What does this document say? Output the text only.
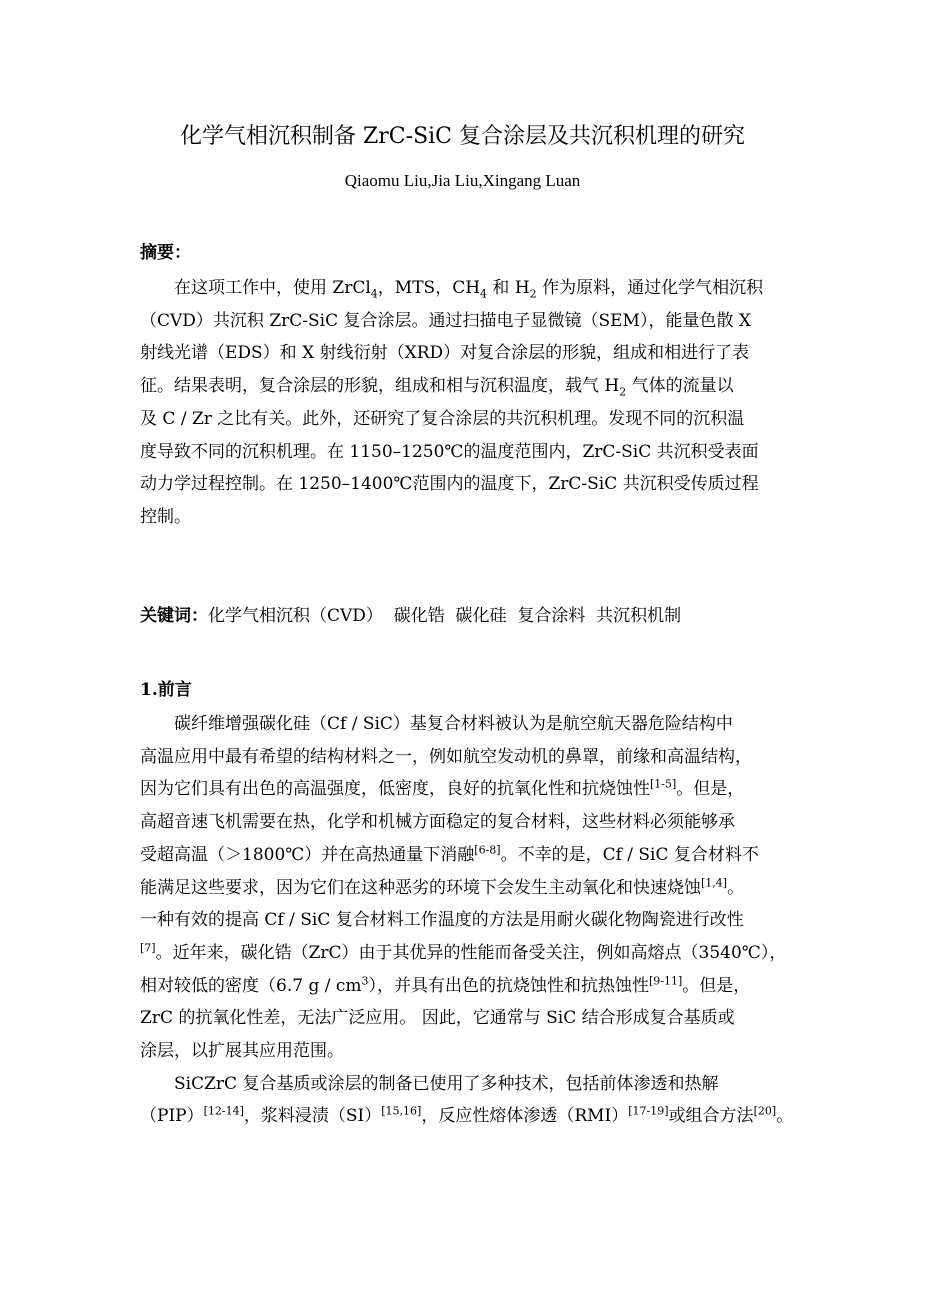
化学气相沉积制备 ZrC-SiC 复合涂层及共沉积机理的研究
Qiaomu Liu,Jia Liu,Xingang Luan
摘要：
在这项工作中，使用 ZrCl$_4$，MTS，$CH_4$ 和 $H_2$ 作为原料，通过化学气相沉积
（CVD）共沉积 ZrC-SiC 复合涂层。通过扫描电子显微镜（SEM），能量色散 X
射线光谱（EDS）和 X 射线衍射（XRD）对复合涂层的形貌，组成和相进行了表
征。结果表明，复合涂层的形貌，组成和相与沉积温度，载气 $H_2$ 气体的流量以
及 C / Zr 之比有关。此外，还研究了复合涂层的共沉积机理。发现不同的沉积温
度导致不同的沉积机理。在 1150–1250℃的温度范围内，ZrC-SiC 共沉积受表面
动力学过程控制。在 1250–1400℃范围内的温度下，ZrC-SiC 共沉积受传质过程
控制。
关键词：化学气相沉积（CVD）  碳化锆  碳化硅  复合涂料  共沉积机制
1.前言
碳纤维增强碳化硅（Cf / SiC）基复合材料被认为是航空航天器危险结构中
高温应用中最有希望的结构材料之一，例如航空发动机的鼻罩，前缘和高温结构，
因为它们具有出色的高温强度，低密度，良好的抗氧化性和抗烧蚀性[1-5]。但是，
高超音速飞机需要在热，化学和机械方面稳定的复合材料，这些材料必须能够承
受超高温（＞1800℃）并在高热通量下消融[6-8]。不幸的是，Cf / SiC 复合材料不
能满足这些要求，因为它们在这种恶劣的环境下会发生主动氧化和快速烧蚀[1,4]。
一种有效的提高 Cf / SiC 复合材料工作温度的方法是用耐火碳化物陶瓷进行改性
[7]。近年来，碳化锆（ZrC）由于其优异的性能而备受关注，例如高熔点（3540℃），
相对较低的密度（6.7 g / $cm^3$），并具有出色的抗烧蚀性和抗热蚀性[9-11]。但是，
ZrC 的抗氧化性差，无法广泛应用。 因此，它通常与 SiC 结合形成复合基质或
涂层，以扩展其应用范围。
SiCZrC 复合基质或涂层的制备已使用了多种技术，包括前体渗透和热解
（PIP）[12-14]，浆料浸渍（SI）[15,16]，反应性熔体渗透（RMI）[17-19]或组合方法[20]。
